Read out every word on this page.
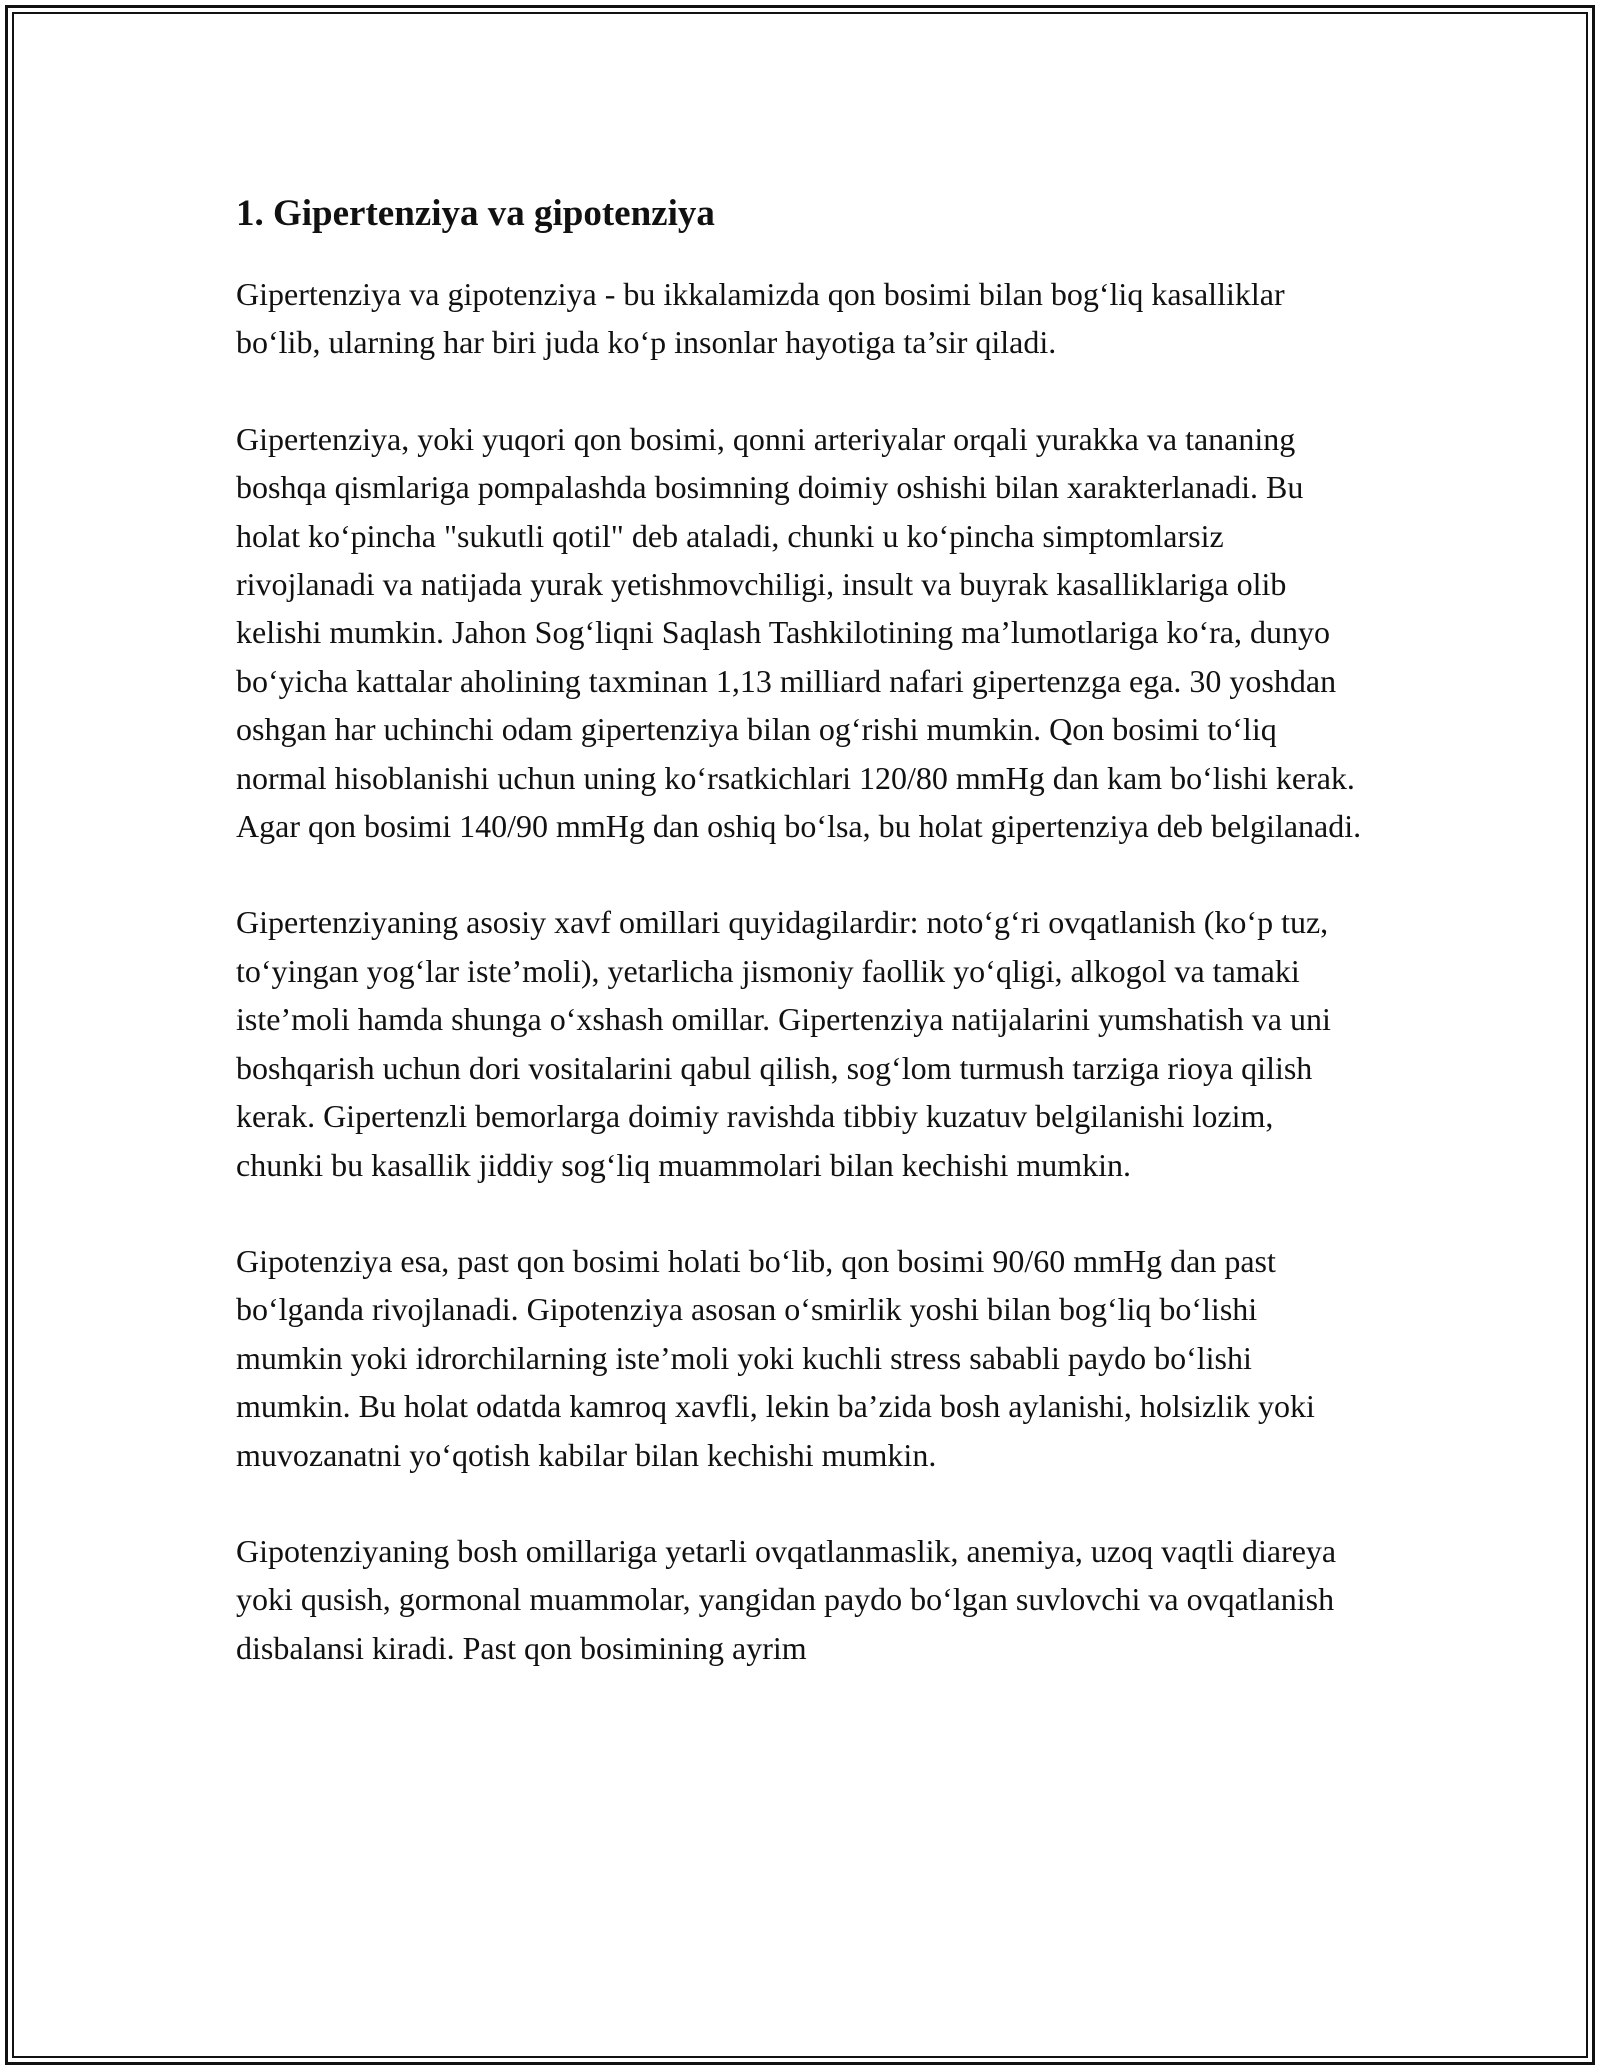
1. Gipertenziya va gipotenziya

Gipertenziya va gipotenziya - bu ikkalamizda qon bosimi bilan bog‘liq kasalliklar bo‘lib, ularning har biri juda ko‘p insonlar hayotiga ta’sir qiladi.

Gipertenziya, yoki yuqori qon bosimi, qonni arteriyalar orqali yurakka va tananing boshqa qismlariga pompalashda bosimning doimiy oshishi bilan xarakterlanadi. Bu holat ko‘pincha "sukutli qotil" deb ataladi, chunki u ko‘pincha simptomlarsiz rivojlanadi va natijada yurak yetishmovchiligi, insult va buyrak kasalliklariga olib kelishi mumkin. Jahon Sog‘liqni Saqlash Tashkilotining ma’lumotlariga ko‘ra, dunyo bo‘yicha kattalar aholining taxminan 1,13 milliard nafari gipertenzga ega. 30 yoshdan oshgan har uchinchi odam gipertenziya bilan og‘rishi mumkin. Qon bosimi to‘liq normal hisoblanishi uchun uning ko‘rsatkichlari 120/80 mmHg dan kam bo‘lishi kerak. Agar qon bosimi 140/90 mmHg dan oshiq bo‘lsa, bu holat gipertenziya deb belgilanadi.

Gipertenziyaning asosiy xavf omillari quyidagilardir: noto‘g‘ri ovqatlanish (ko‘p tuz, to‘yingan yog‘lar iste’moli), yetarlicha jismoniy faollik yo‘qligi, alkogol va tamaki iste’moli hamda shunga o‘xshash omillar. Gipertenziya natijalarini yumshatish va uni boshqarish uchun dori vositalarini qabul qilish, sog‘lom turmush tarziga rioya qilish kerak. Gipertenzli bemorlarga doimiy ravishda tibbiy kuzatuv belgilanishi lozim, chunki bu kasallik jiddiy sog‘liq muammolari bilan kechishi mumkin.

Gipotenziya esa, past qon bosimi holati bo‘lib, qon bosimi 90/60 mmHg dan past bo‘lganda rivojlanadi. Gipotenziya asosan o‘smirlik yoshi bilan bog‘liq bo‘lishi mumkin yoki idrorchilarning iste’moli yoki kuchli stress sababli paydo bo‘lishi mumkin. Bu holat odatda kamroq xavfli, lekin ba’zida bosh aylanishi, holsizlik yoki muvozanatni yo‘qotish kabilar bilan kechishi mumkin.

Gipotenziyaning bosh omillariga yetarli ovqatlanmaslik, anemiya, uzoq vaqtli diareya yoki qusish, gormonal muammolar, yangidan paydo bo‘lgan suvlovchi va ovqatlanish disbalansi kiradi. Past qon bosimining ayrim
